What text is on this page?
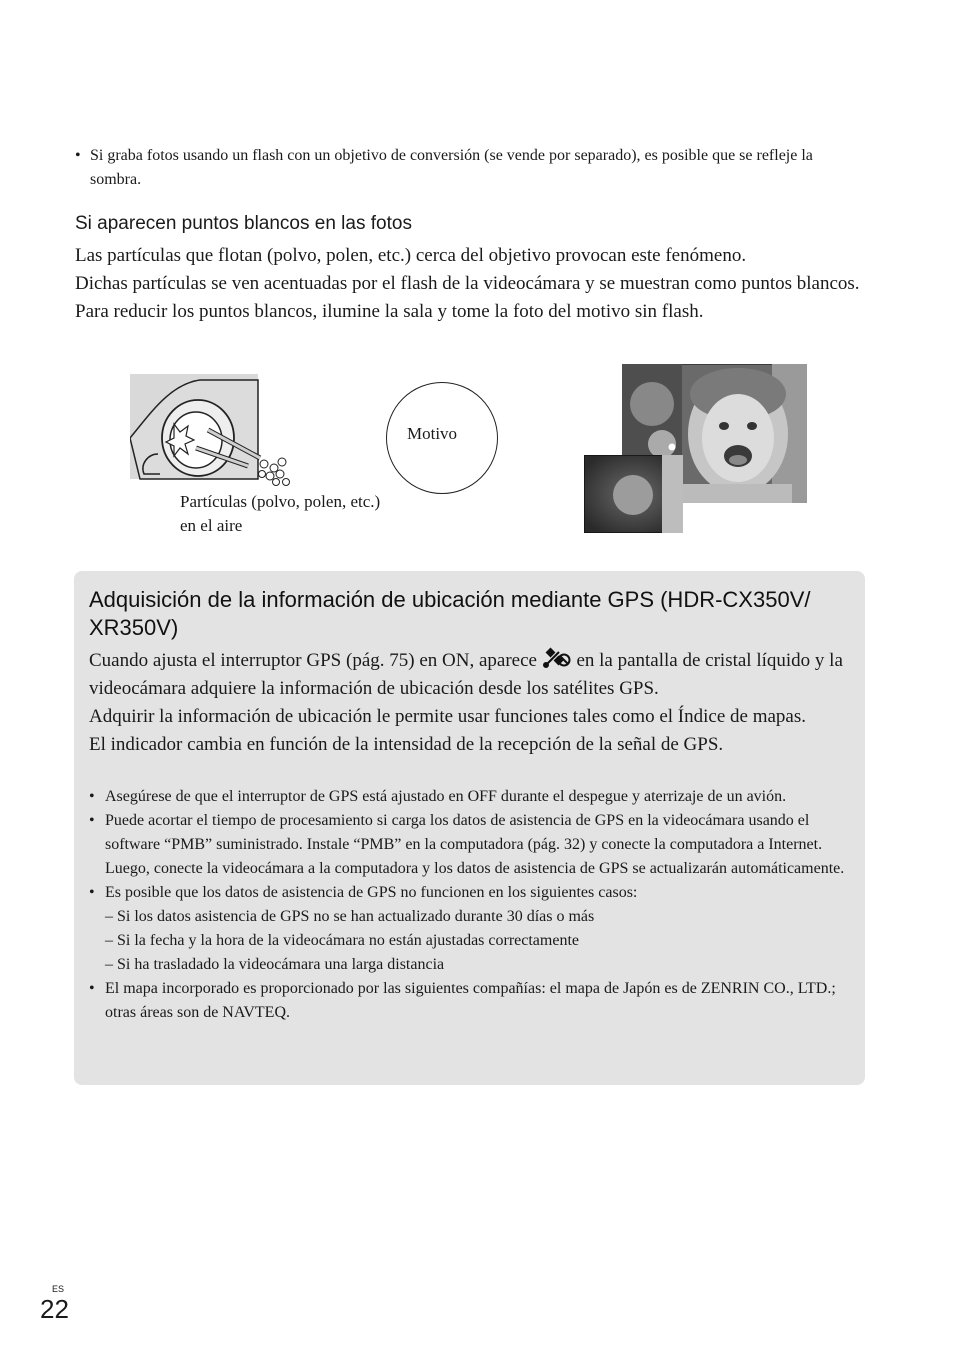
• Si graba fotos usando un flash con un objetivo de conversión (se vende por separado), es posible que se refleje la sombra.
Si aparecen puntos blancos en las fotos

Las partículas que flotan (polvo, polen, etc.) cerca del objetivo provocan este fenómeno.

Dichas partículas se ven acentuadas por el flash de la videocámara y se muestran como puntos blancos.

Para reducir los puntos blancos, ilumine la sala y tome la foto del motivo sin flash.

Partículas (polvo, polen, etc.) en el aire
Motivo
Adquisición de la información de ubicación mediante GPS (HDR-CX350V/ XR350V)

Cuando ajusta el interruptor GPS (pág. 75) en ON, aparece en la pantalla de cristal líquido y la videocámara adquiere la información de ubicación desde los satélites GPS.

Adquirir la información de ubicación le permite usar funciones tales como el Índice de mapas.

El indicador cambia en función de la intensidad de la recepción de la señal de GPS.

• Asegúrese de que el interruptor de GPS está ajustado en OFF durante el despegue y aterrizaje de un avión.
• Puede acortar el tiempo de procesamiento si carga los datos de asistencia de GPS en la videocámara usando el software “PMB” suministrado. Instale “PMB” en la computadora (pág. 32) y conecte la computadora a Internet. Luego, conecte la videocámara a la computadora y los datos de asistencia de GPS se actualizarán automáticamente.
• Es posible que los datos de asistencia de GPS no funcionen en los siguientes casos:
– Si los datos asistencia de GPS no se han actualizado durante 30 días o más
– Si la fecha y la hora de la videocámara no están ajustadas correctamente
– Si ha trasladado la videocámara una larga distancia
• El mapa incorporado es proporcionado por las siguientes compañías: el mapa de Japón es de ZENRIN CO., LTD.; otras áreas son de NAVTEQ.
ES
22
